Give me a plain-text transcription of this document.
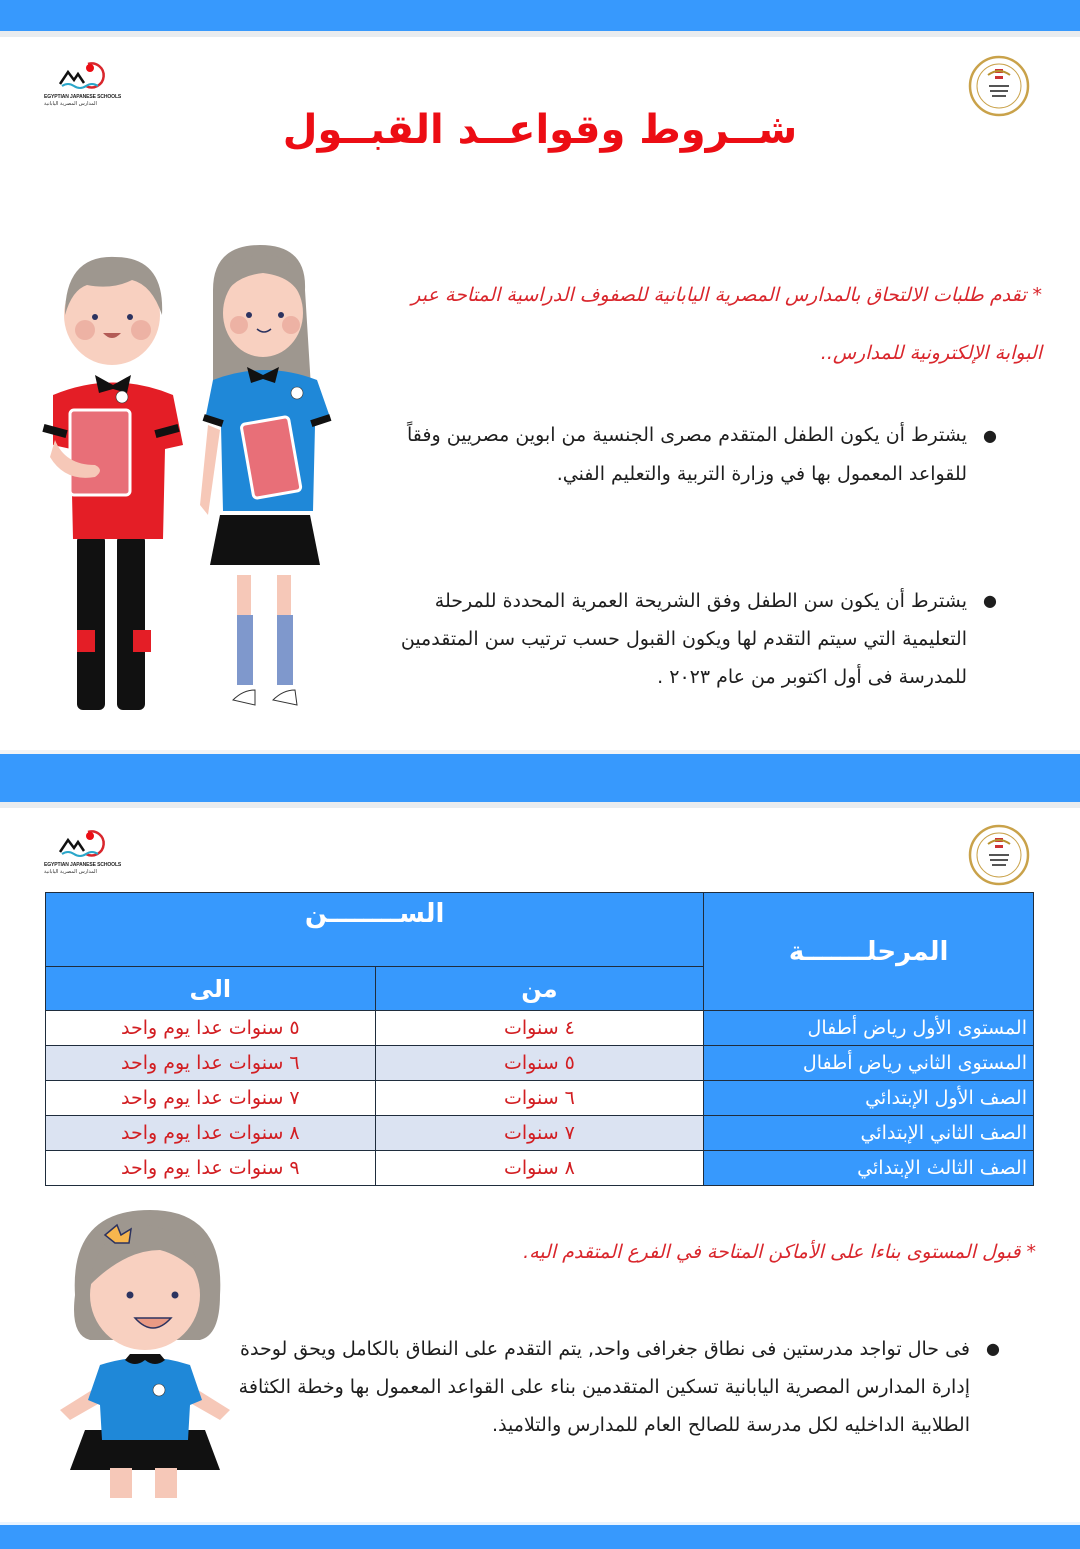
EGYPTIAN JAPANESE SCHOOLS
المدارس المصرية اليابانية
شــروط وقواعــد القبــول
* تقدم طلبات الالتحاق بالمدارس المصرية اليابانية للصفوف الدراسية المتاحة عبر البوابة الإلكترونية للمدارس..
●
يشترط أن يكون الطفل المتقدم مصرى الجنسية من ابوين مصريين وفقاً للقواعد المعمول بها في وزارة التربية والتعليم الفني.
●
يشترط أن يكون سن الطفل وفق الشريحة العمرية المحددة للمرحلة التعليمية التي سيتم التقدم لها ويكون القبول حسب ترتيب سن المتقدمين للمدرسة فى أول اكتوبر من عام ٢٠٢٣ .
EGYPTIAN JAPANESE SCHOOLS
المدارس المصرية اليابانية
المرحلـــــــة	الســــــــن	
	من	الى
المستوى الأول رياض أطفال	٤ سنوات	٥ سنوات عدا يوم واحد
المستوى الثاني رياض أطفال	٥ سنوات	٦ سنوات عدا يوم واحد
الصف الأول الإبتدائي	٦ سنوات	٧ سنوات عدا يوم واحد
الصف الثاني الإبتدائي	٧ سنوات	٨ سنوات عدا يوم واحد
الصف الثالث الإبتدائي	٨ سنوات	٩ سنوات عدا يوم واحد
* قبول المستوى بناءا على الأماكن المتاحة في الفرع المتقدم اليه.
●
فى حال تواجد مدرستين فى نطاق جغرافى واحد, يتم التقدم على النطاق بالكامل ويحق لوحدة إدارة المدارس المصرية اليابانية تسكين المتقدمين بناء على القواعد المعمول بها وخطة الكثافة الطلابية الداخليه لكل مدرسة للصالح العام للمدارس والتلاميذ.
